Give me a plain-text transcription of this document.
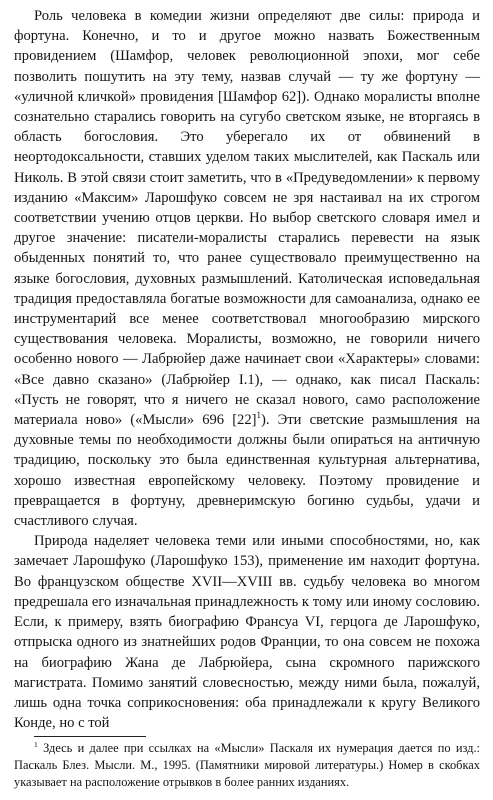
Роль человека в комедии жизни определяют две силы: природа и фортуна. Конечно, и то и другое можно назвать Божественным провидением (Шамфор, человек революционной эпохи, мог себе позволить пошутить на эту тему, назвав случай — ту же фортуну — «уличной кличкой» провидения [Шамфор 62]). Однако моралисты вполне сознательно старались говорить на сугубо светском языке, не вторгаясь в область богословия. Это уберегало их от обвинений в неортодоксальности, ставших уделом таких мыслителей, как Паскаль или Николь. В этой связи стоит заметить, что в «Предуведомлении» к первому изданию «Максим» Ларошфуко совсем не зря настаивал на их строгом соответствии учению отцов церкви. Но выбор светского словаря имел и другое значение: писатели-моралисты старались перевести на язык обыденных понятий то, что ранее существовало преимущественно на языке богословия, духовных размышлений. Католическая исповедальная традиция предоставляла богатые возможности для самоанализа, однако ее инструментарий все менее соответствовал многообразию мирского существования человека. Моралисты, возможно, не говорили ничего особенно нового — Лабрюйер даже начинает свои «Характеры» словами: «Все давно сказано» (Лабрюйер I.1), — однако, как писал Паскаль: «Пусть не говорят, что я ничего не сказал нового, само расположение материала ново» («Мысли» 696 $[22]^1$). Эти светские размышления на духовные темы по необходимости должны были опираться на античную традицию, поскольку это была единственная культурная альтернатива, хорошо известная европейскому человеку. Поэтому провидение и превращается в фортуну, древнеримскую богиню судьбы, удачи и счастливого случая.

Природа наделяет человека теми или иными способностями, но, как замечает Ларошфуко (Ларошфуко 153), применение им находит фортуна. Во французском обществе XVII—XVIII вв. судьбу человека во многом предрешала его изначальная принадлежность к тому или иному сословию. Если, к примеру, взять биографию Франсуа VI, герцога де Ларошфуко, отпрыска одного из знатнейших родов Франции, то она совсем не похожа на биографию Жана де Лабрюйера, сына скромного парижского магистрата. Помимо занятий словесностью, между ними была, пожалуй, лишь одна точка соприкосновения: оба принадлежали к кругу Великого Конде, но с той

$^1$ Здесь и далее при ссылках на «Мысли» Паскаля их нумерация дается по изд.: Паскаль Блез. Мысли. М., 1995. (Памятники мировой литературы.) Номер в скобках указывает на расположение отрывков в более ранних изданиях.
